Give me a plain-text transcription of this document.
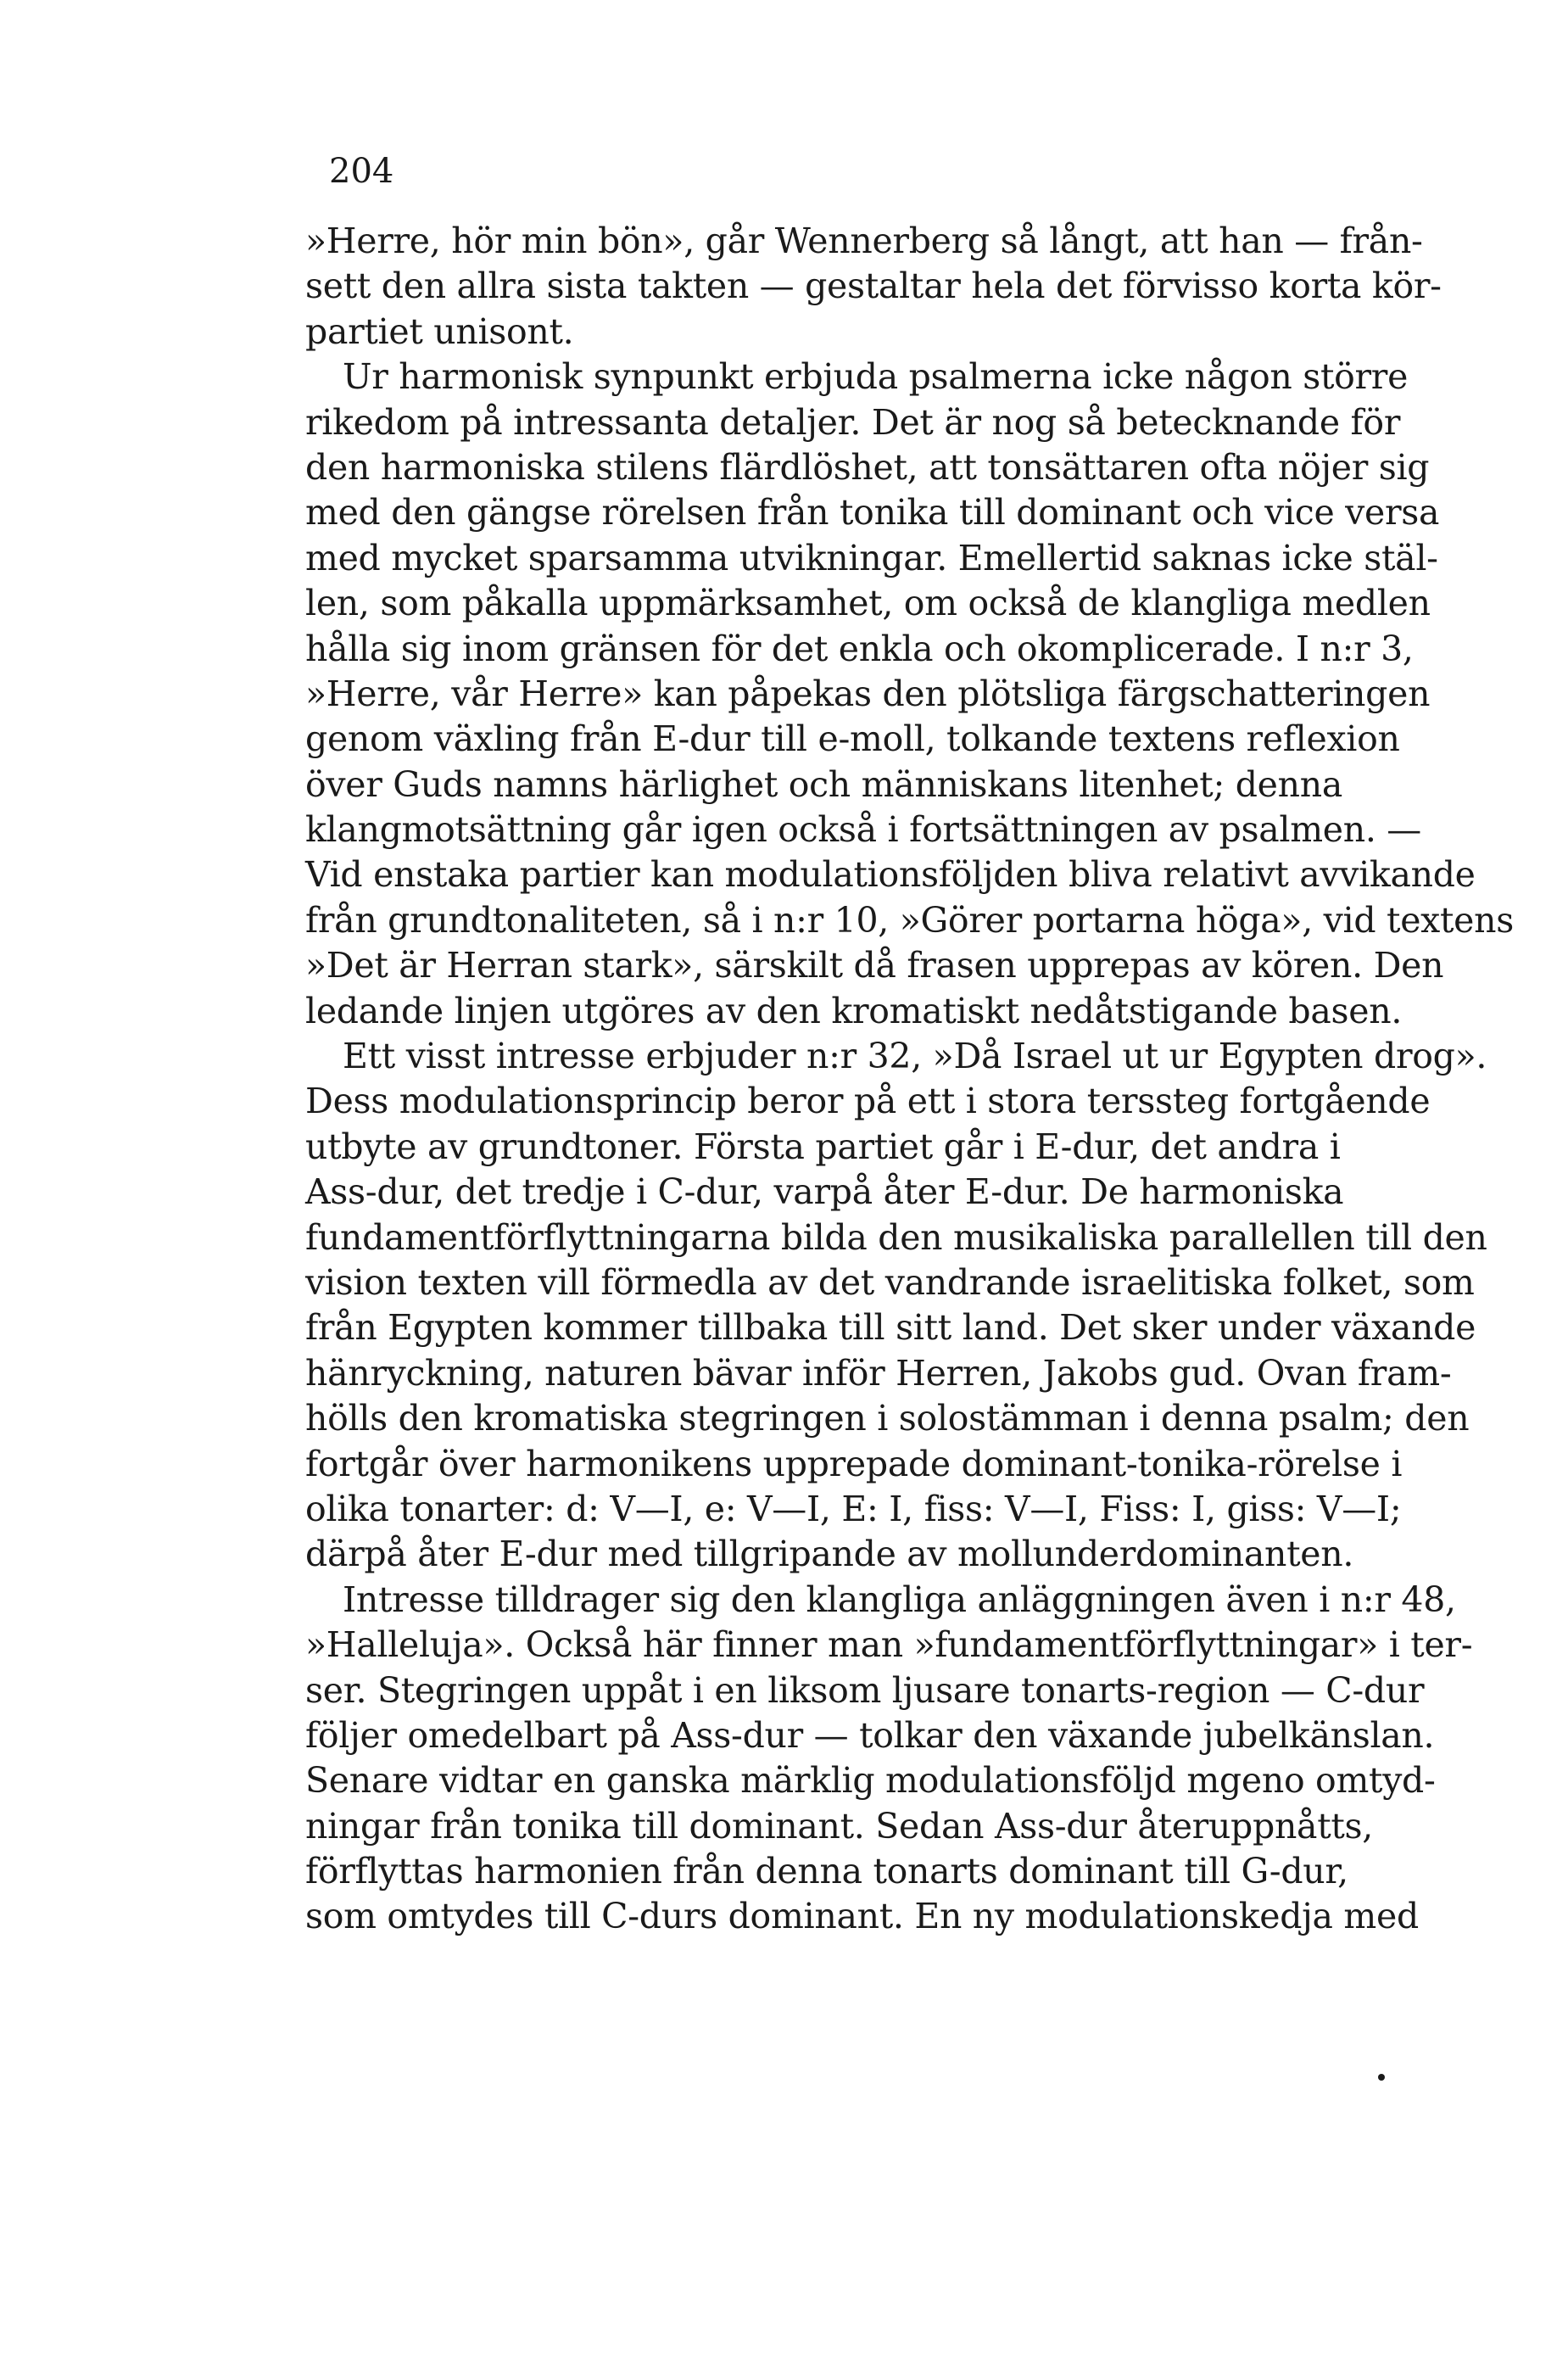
204
»Herre, hör min bön», går Wennerberg så långt, att han — från-
sett den allra sista takten — gestaltar hela det förvisso korta kör-
partiet unisont.
Ur harmonisk synpunkt erbjuda psalmerna icke någon större
rikedom på intressanta detaljer. Det är nog så betecknande för
den harmoniska stilens flärdlöshet, att tonsättaren ofta nöjer sig
med den gängse rörelsen från tonika till dominant och vice versa
med mycket sparsamma utvikningar. Emellertid saknas icke stäl-
len, som påkalla uppmärksamhet, om också de klangliga medlen
hålla sig inom gränsen för det enkla och okomplicerade. I n:r 3,
»Herre, vår Herre» kan påpekas den plötsliga färgschatteringen
genom växling från E-dur till e-moll, tolkande textens reflexion
över Guds namns härlighet och människans litenhet; denna
klangmotsättning går igen också i fortsättningen av psalmen. —
Vid enstaka partier kan modulationsföljden bliva relativt avvikande
från grundtonaliteten, så i n:r 10, »Görer portarna höga», vid textens
»Det är Herran stark», särskilt då frasen upprepas av kören. Den
ledande linjen utgöres av den kromatiskt nedåtstigande basen.
Ett visst intresse erbjuder n:r 32, »Då Israel ut ur Egypten drog».
Dess modulationsprincip beror på ett i stora terssteg fortgående
utbyte av grundtoner. Första partiet går i E-dur, det andra i
Ass-dur, det tredje i C-dur, varpå åter E-dur. De harmoniska
fundamentförflyttningarna bilda den musikaliska parallellen till den
vision texten vill förmedla av det vandrande israelitiska folket, som
från Egypten kommer tillbaka till sitt land. Det sker under växande
hänryckning, naturen bävar inför Herren, Jakobs gud. Ovan fram-
hölls den kromatiska stegringen i solostämman i denna psalm; den
fortgår över harmonikens upprepade dominant-tonika-rörelse i
olika tonarter: d: V—I, e: V—I, E: I, fiss: V—I, Fiss: I, giss: V—I;
därpå åter E-dur med tillgripande av mollunderdominanten.
Intresse tilldrager sig den klangliga anläggningen även i n:r 48,
»Halleluja». Också här finner man »fundamentförflyttningar» i ter-
ser. Stegringen uppåt i en liksom ljusare tonarts-region — C-dur
följer omedelbart på Ass-dur — tolkar den växande jubelkänslan.
Senare vidtar en ganska märklig modulationsföljd mgeno omtyd-
ningar från tonika till dominant. Sedan Ass-dur återuppnåtts,
förflyttas harmonien från denna tonarts dominant till G-dur,
som omtydes till C-durs dominant. En ny modulationskedja med
